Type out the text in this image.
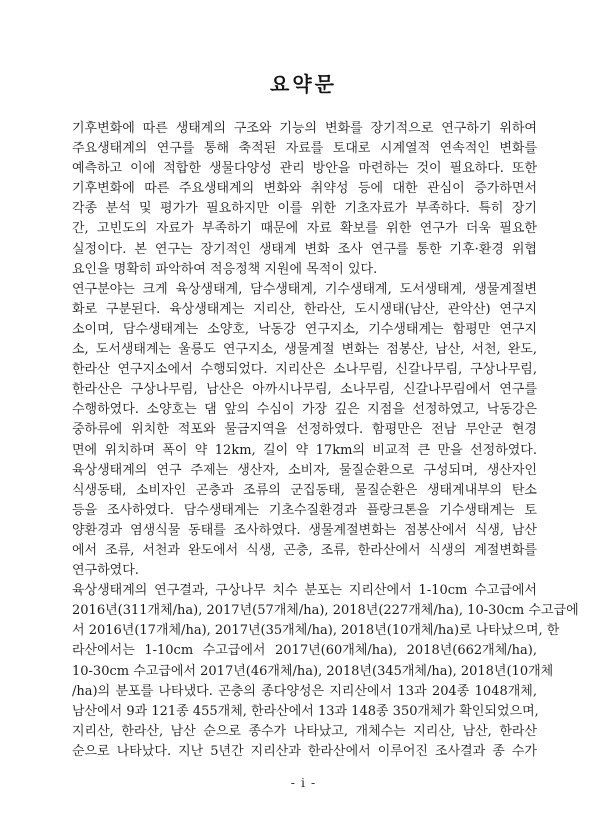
요약문
기후변화에 따른 생태계의 구조와 기능의 변화를 장기적으로 연구하기 위하여
주요생태계의 연구를 통해 축적된 자료를 토대로 시계열적 연속적인 변화를
예측하고 이에 적합한 생물다양성 관리 방안을 마련하는 것이 필요하다. 또한
기후변화에 따른 주요생태계의 변화와 취약성 등에 대한 관심이 증가하면서
각종 분석 및 평가가 필요하지만 이를 위한 기초자료가 부족하다. 특히 장기
간, 고빈도의 자료가 부족하기 때문에 자료 확보를 위한 연구가 더욱 필요한
실정이다. 본 연구는 장기적인 생태계 변화 조사 연구를 통한 기후·환경 위협
요인을 명확히 파악하여 적응정책 지원에 목적이 있다.
연구분야는 크게 육상생태계, 담수생태계, 기수생태계, 도서생태계, 생물계절변
화로 구분된다. 육상생태계는 지리산, 한라산, 도시생태(남산, 관악산) 연구지
소이며, 담수생태계는 소양호, 낙동강 연구지소, 기수생태계는 함평만 연구지
소, 도서생태계는 울릉도 연구지소, 생물계절 변화는 점봉산, 남산, 서천, 완도,
한라산 연구지소에서 수행되었다. 지리산은 소나무림, 신갈나무림, 구상나무림,
한라산은 구상나무림, 남산은 아까시나무림, 소나무림, 신갈나무림에서 연구를
수행하였다. 소양호는 댐 앞의 수심이 가장 깊은 지점을 선정하였고, 낙동강은
중하류에 위치한 적포와 물금지역을 선정하였다. 함평만은 전남 무안군 현경
면에 위치하며 폭이 약 12km, 길이 약 17km의 비교적 큰 만을 선정하였다.
육상생태계의 연구 주제는 생산자, 소비자, 물질순환으로 구성되며, 생산자인
식생동태, 소비자인 곤충과 조류의 군집동태, 물질순환은 생태계내부의 탄소
등을 조사하였다. 담수생태계는 기초수질환경과 플랑크톤을 기수생태계는 토
양환경과 염생식물 동태를 조사하였다. 생물계절변화는 점봉산에서 식생, 남산
에서 조류, 서천과 완도에서 식생, 곤충, 조류, 한라산에서 식생의 계절변화를
연구하였다.
육상생태계의 연구결과, 구상나무 치수 분포는 지리산에서 1-10cm 수고급에서
2016년(311개체/ha), 2017년(57개체/ha), 2018년(227개체/ha), 10-30cm 수고급에
서 2016년(17개체/ha), 2017년(35개체/ha), 2018년(10개체/ha)로 나타났으며, 한
라산에서는 1-10cm 수고급에서 2017년(60개체/ha), 2018년(662개체/ha),
10-30cm 수고급에서 2017년(46개체/ha), 2018년(345개체/ha), 2018년(10개체
/ha)의 분포를 나타냈다. 곤충의 종다양성은 지리산에서 13과 204종 1048개체,
남산에서 9과 121종 455개체, 한라산에서 13과 148종 350개체가 확인되었으며,
지리산, 한라산, 남산 순으로 종수가 나타났고, 개체수는 지리산, 남산, 한라산
순으로 나타났다. 지난 5년간 지리산과 한라산에서 이루어진 조사결과 종 수가
- i -
